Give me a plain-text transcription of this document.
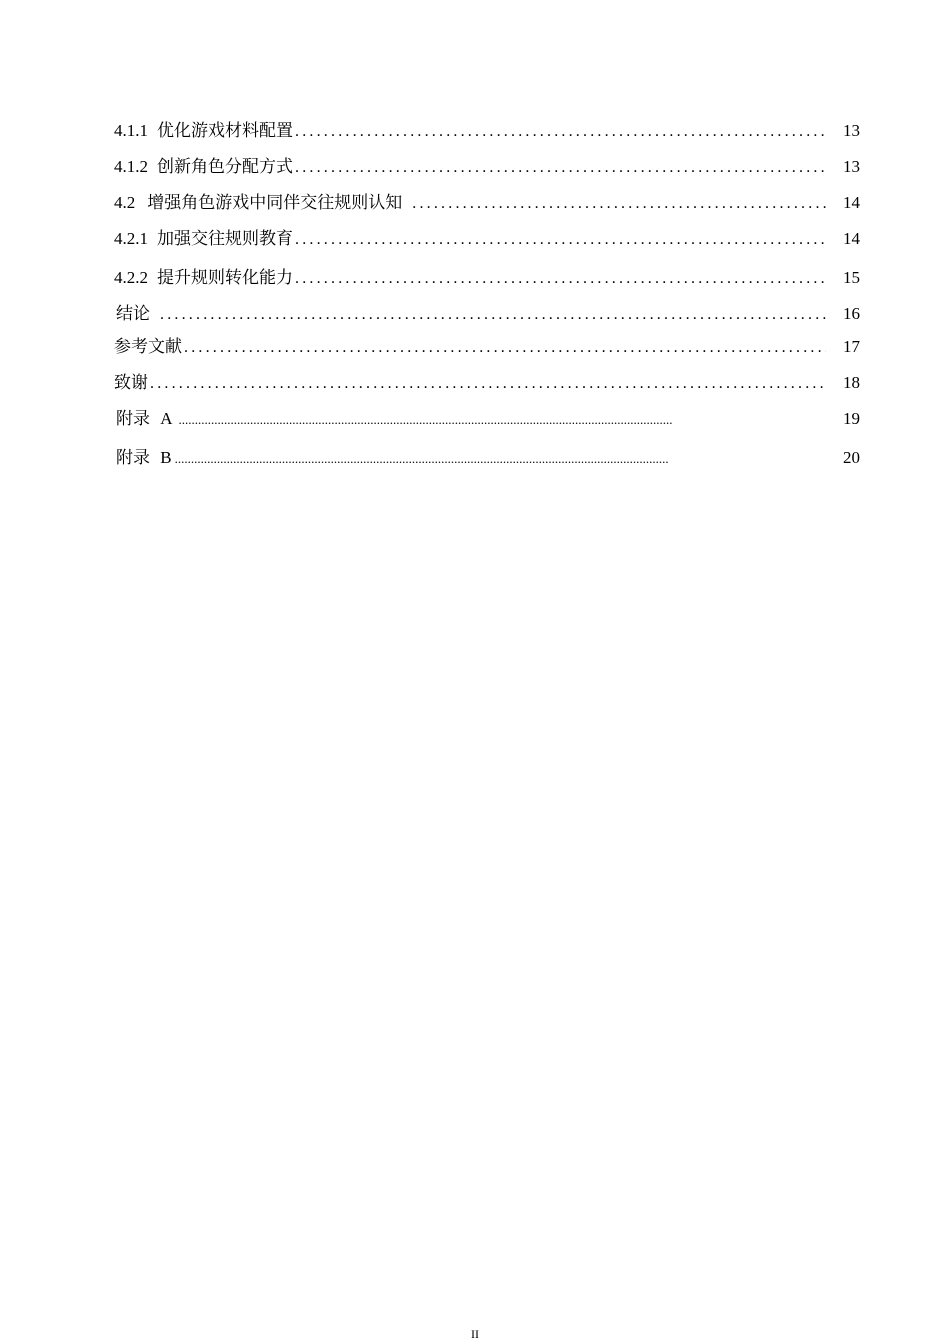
4.1.1 优化游戏材料配置 .....	13
4.1.2 创新角色分配方式 .....	13
4.2 增强角色游戏中同伴交往规则认知 .....	14
4.2.1 加强交往规则教育 .....	14
4.2.2 提升规则转化能力 .....	15
结论 .....	16
参考文献 .....	17
致谢 .....	18
附录 A .....	19
附录 B .....	20
II
